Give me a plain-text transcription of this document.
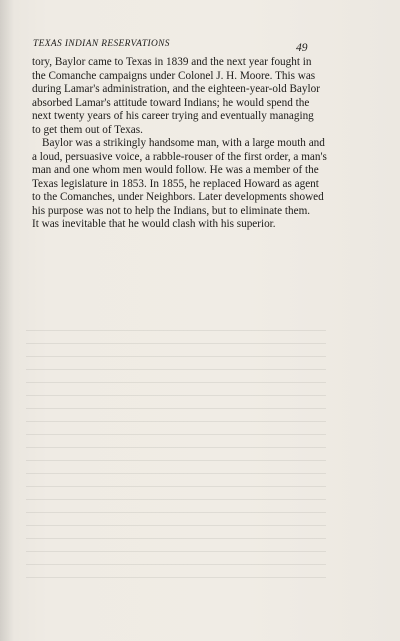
TEXAS INDIAN RESERVATIONS	49
tory, Baylor came to Texas in 1839 and the next year fought in
the Comanche campaigns under Colonel J. H. Moore. This was
during Lamar's administration, and the eighteen-year-old Baylor
absorbed Lamar's attitude toward Indians; he would spend the
next twenty years of his career trying and eventually managing
to get them out of Texas.
Baylor was a strikingly handsome man, with a large mouth and
a loud, persuasive voice, a rabble-rouser of the first order, a man's
man and one whom men would follow. He was a member of the
Texas legislature in 1853. In 1855, he replaced Howard as agent
to the Comanches, under Neighbors. Later developments showed
his purpose was not to help the Indians, but to eliminate them.
It was inevitable that he would clash with his superior.
